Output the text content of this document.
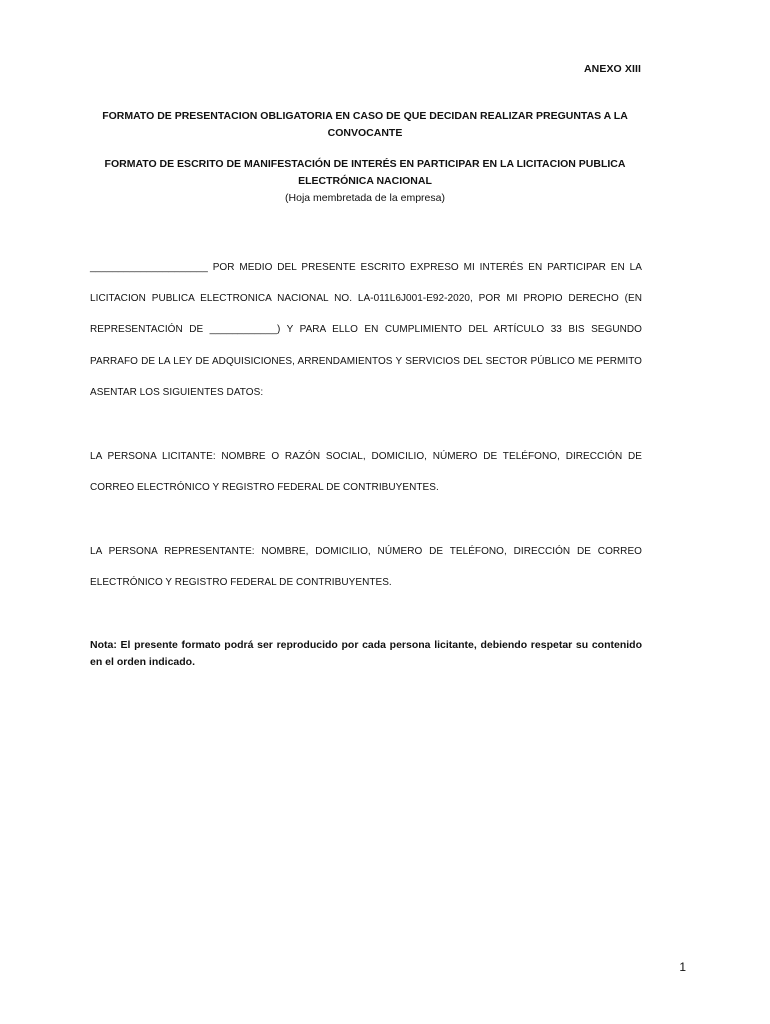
ANEXO XIII
FORMATO DE PRESENTACION OBLIGATORIA EN CASO DE QUE DECIDAN REALIZAR PREGUNTAS A LA CONVOCANTE
FORMATO DE ESCRITO DE MANIFESTACIÓN DE INTERÉS EN PARTICIPAR EN LA LICITACION PUBLICA ELECTRÓNICA NACIONAL
(Hoja membretada de la empresa)
_____________________ POR MEDIO DEL PRESENTE ESCRITO EXPRESO MI INTERÉS EN PARTICIPAR EN LA LICITACION PUBLICA ELECTRONICA NACIONAL NO. LA-011L6J001-E92-2020, POR MI PROPIO DERECHO (EN REPRESENTACIÓN DE ____________) Y PARA ELLO EN CUMPLIMIENTO DEL ARTÍCULO 33 BIS SEGUNDO PARRAFO DE LA LEY DE ADQUISICIONES, ARRENDAMIENTOS Y SERVICIOS DEL SECTOR PÚBLICO ME PERMITO ASENTAR LOS SIGUIENTES DATOS:
LA PERSONA LICITANTE: NOMBRE O RAZÓN SOCIAL, DOMICILIO, NÚMERO DE TELÉFONO, DIRECCIÓN DE CORREO ELECTRÓNICO Y REGISTRO FEDERAL DE CONTRIBUYENTES.
LA PERSONA REPRESENTANTE: NOMBRE, DOMICILIO, NÚMERO DE TELÉFONO, DIRECCIÓN DE CORREO ELECTRÓNICO Y REGISTRO FEDERAL DE CONTRIBUYENTES.
Nota: El presente formato podrá ser reproducido por cada persona licitante, debiendo respetar su contenido en el orden indicado.
1
